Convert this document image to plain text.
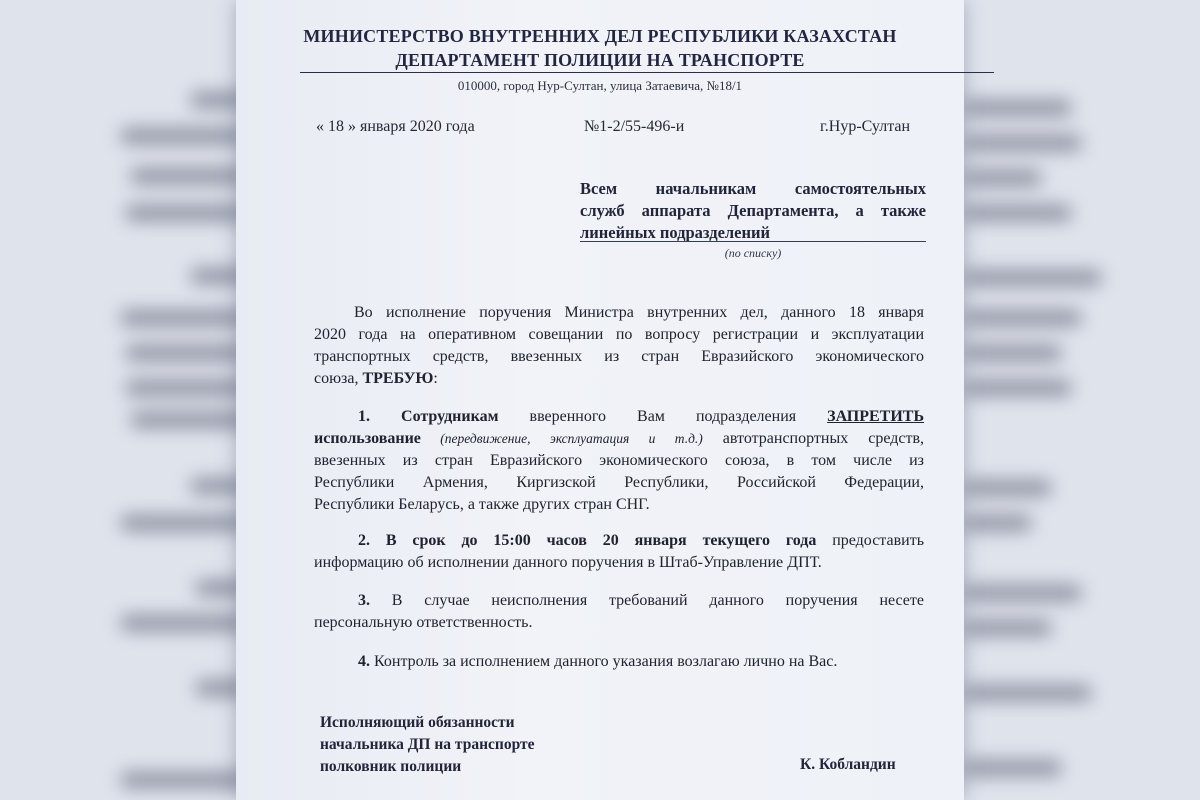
МИНИСТЕРСТВО ВНУТРЕННИХ ДЕЛ РЕСПУБЛИКИ КАЗАХСТАН
ДЕПАРТАМЕНТ ПОЛИЦИИ НА ТРАНСПОРТЕ
010000, город Нур-Султан, улица Затаевича, №18/1
« 18 » января 2020 года	№1-2/55-496-и	г.Нур-Султан
Всем начальникам самостоятельных
служб аппарата Департамента, а также
линейных подразделений
(по списку)
Во исполнение поручения Министра внутренних дел, данного 18 января
2020 года на оперативном совещании по вопросу регистрации и эксплуатации
транспортных средств, ввезенных из стран Евразийского экономического
союза, ТРЕБУЮ:
1. Сотрудникам вверенного Вам подразделения ЗАПРЕТИТЬ
использование (передвижение, эксплуатация и т.д.) автотранспортных средств,
ввезенных из стран Евразийского экономического союза, в том числе из
Республики Армения, Киргизской Республики, Российской Федерации,
Республики Беларусь, а также других стран СНГ.
2. В срок до 15:00 часов 20 января текущего года предоставить
информацию об исполнении данного поручения в Штаб-Управление ДПТ.
3. В случае неисполнения требований данного поручения несете
персональную ответственность.
4. Контроль за исполнением данного указания возлагаю лично на Вас.
Исполняющий обязанности
начальника ДП на транспорте
полковник полиции	К. Кобландин
